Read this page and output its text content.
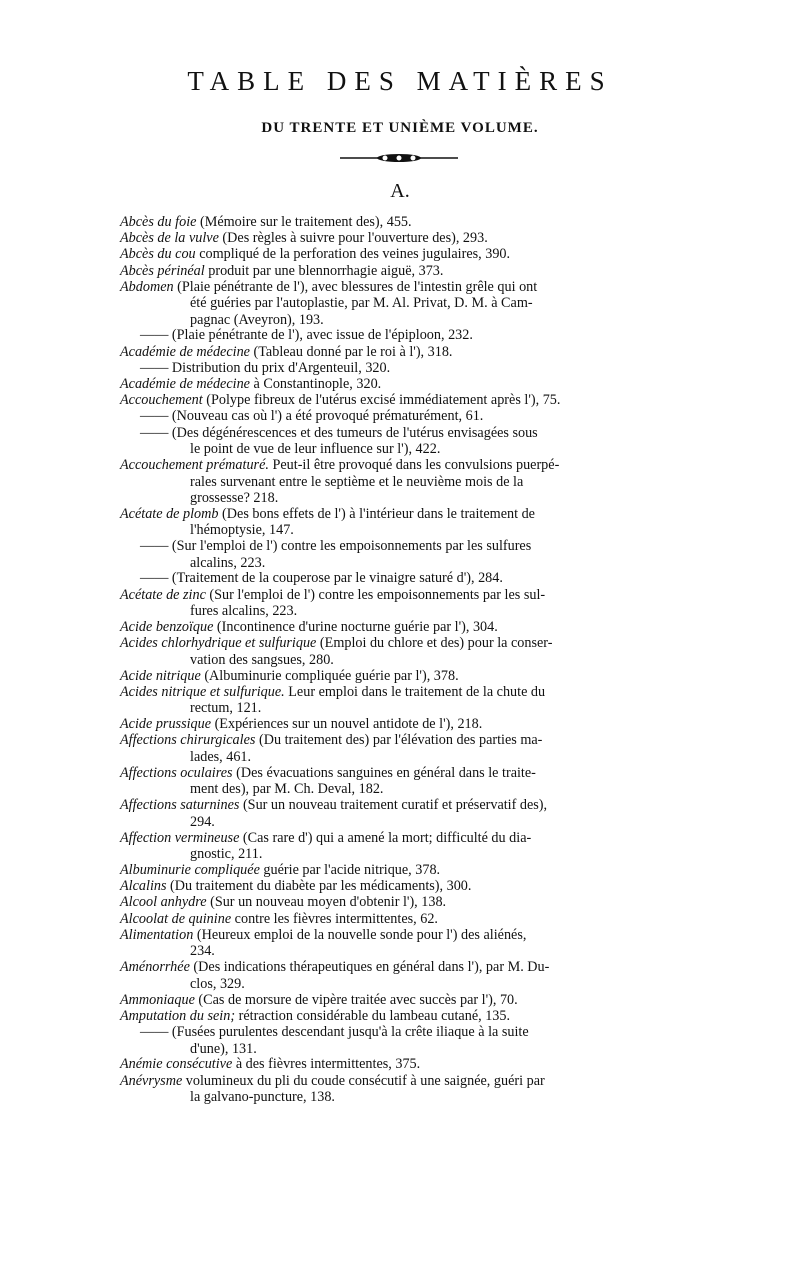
TABLE DES MATIÈRES
DU TRENTE ET UNIÈME VOLUME.
A.
Abcès du foie (Mémoire sur le traitement des), 455.
Abcès de la vulve (Des règles à suivre pour l'ouverture des), 293.
Abcès du cou compliqué de la perforation des veines jugulaires, 390.
Abcès périnéal produit par une blennorrhagie aiguë, 373.
Abdomen (Plaie pénétrante de l'), avec blessures de l'intestin grêle qui ont
été guéries par l'autoplastie, par M. Al. Privat, D. M. à Cam-
pagnac (Aveyron), 193.
—— (Plaie pénétrante de l'), avec issue de l'épiploon, 232.
Académie de médecine (Tableau donné par le roi à l'), 318.
—— Distribution du prix d'Argenteuil, 320.
Académie de médecine à Constantinople, 320.
Accouchement (Polype fibreux de l'utérus excisé immédiatement après l'), 75.
—— (Nouveau cas où l') a été provoqué prématurément, 61.
—— (Des dégénérescences et des tumeurs de l'utérus envisagées sous
le point de vue de leur influence sur l'), 422.
Accouchement prématuré. Peut-il être provoqué dans les convulsions puerpé-
rales survenant entre le septième et le neuvième mois de la
grossesse? 218.
Acétate de plomb (Des bons effets de l') à l'intérieur dans le traitement de
l'hémoptysie, 147.
—— (Sur l'emploi de l') contre les empoisonnements par les sulfures
alcalins, 223.
—— (Traitement de la couperose par le vinaigre saturé d'), 284.
Acétate de zinc (Sur l'emploi de l') contre les empoisonnements par les sul-
fures alcalins, 223.
Acide benzoïque (Incontinence d'urine nocturne guérie par l'), 304.
Acides chlorhydrique et sulfurique (Emploi du chlore et des) pour la conser-
vation des sangsues, 280.
Acide nitrique (Albuminurie compliquée guérie par l'), 378.
Acides nitrique et sulfurique. Leur emploi dans le traitement de la chute du
rectum, 121.
Acide prussique (Expériences sur un nouvel antidote de l'), 218.
Affections chirurgicales (Du traitement des) par l'élévation des parties ma-
lades, 461.
Affections oculaires (Des évacuations sanguines en général dans le traite-
ment des), par M. Ch. Deval, 182.
Affections saturnines (Sur un nouveau traitement curatif et préservatif des),
294.
Affection vermineuse (Cas rare d') qui a amené la mort; difficulté du dia-
gnostic, 211.
Albuminurie compliquée guérie par l'acide nitrique, 378.
Alcalins (Du traitement du diabète par les médicaments), 300.
Alcool anhydre (Sur un nouveau moyen d'obtenir l'), 138.
Alcoolat de quinine contre les fièvres intermittentes, 62.
Alimentation (Heureux emploi de la nouvelle sonde pour l') des aliénés,
234.
Aménorrhée (Des indications thérapeutiques en général dans l'), par M. Du-
clos, 329.
Ammoniaque (Cas de morsure de vipère traitée avec succès par l'), 70.
Amputation du sein; rétraction considérable du lambeau cutané, 135.
—— (Fusées purulentes descendant jusqu'à la crête iliaque à la suite
d'une), 131.
Anémie consécutive à des fièvres intermittentes, 375.
Anévrysme volumineux du pli du coude consécutif à une saignée, guéri par
la galvano-puncture, 138.
